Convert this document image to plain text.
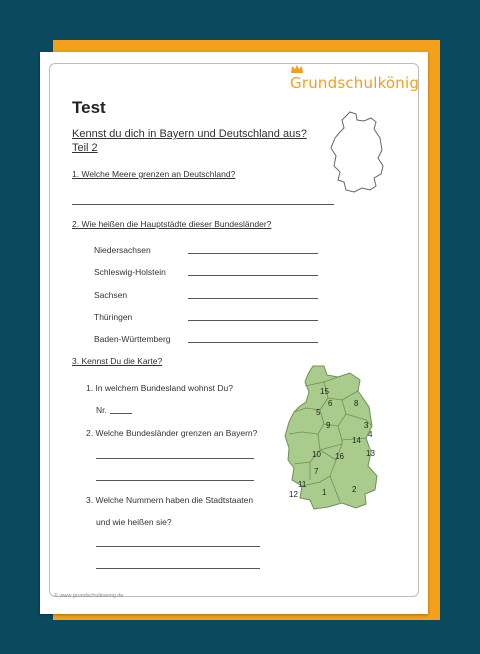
Grundschulkönig
Test
Kennst du dich in Bayern und Deutschland aus?
Teil 2
1. Welche Meere grenzen an Deutschland?
2. Wie heißen die Hauptstädte dieser Bundesländer?
Niedersachsen
Schleswig-Holstein
Sachsen
Thüringen
Baden-Württemberg
3. Kennst Du die Karte?
1. In welchem Bundesland wohnst Du?
Nr.
2. Welche Bundesländer grenzen an Bayern?
3. Welche Nummern haben die Stadtstaaten
und wie heißen sie?
2
1
13
4
3
14
16
9
10
7
11
12
5
6	8
15
© www.grundschulkoenig.de
